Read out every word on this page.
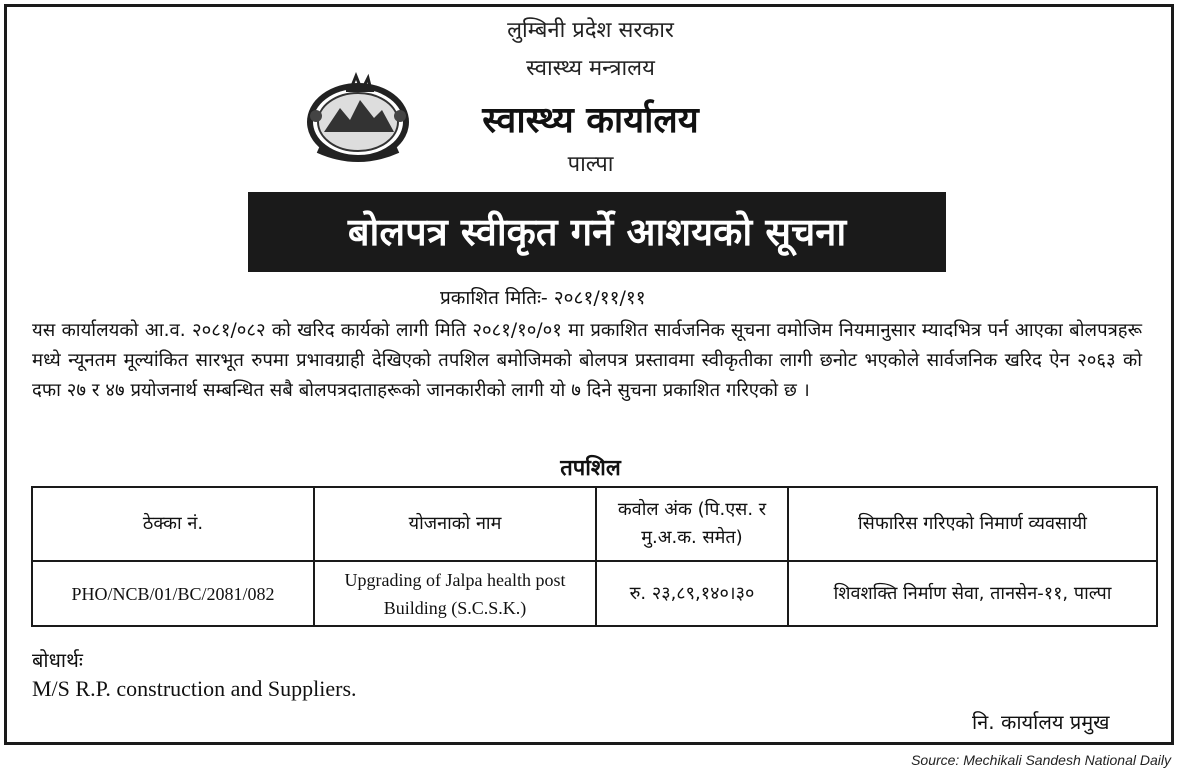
लुम्बिनी प्रदेश सरकार
स्वास्थ्य मन्त्रालय
स्वास्थ्य कार्यालय
पाल्पा
बोलपत्र स्वीकृत गर्ने आशयको सूचना
प्रकाशित मितिः- २०८१/११/११
यस कार्यालयको आ.व. २०८१/०८२ को खरिद कार्यको लागी मिति २०८१/१०/०१ मा प्रकाशित सार्वजनिक सूचना वमोजिम नियमानुसार म्यादभित्र पर्न आएका बोलपत्रहरू मध्ये न्यूनतम मूल्यांकित सारभूत रुपमा प्रभावग्राही देखिएको तपशिल बमोजिमको बोलपत्र प्रस्तावमा स्वीकृतीका लागी छनोट भएकोले सार्वजनिक खरिद ऐन २०६३ को दफा २७ र ४७ प्रयोजनार्थ सम्बन्धित सबै बोलपत्रदाताहरूको जानकारीको लागी यो ७ दिने सुचना प्रकाशित गरिएको छ ।
तपशिल
ठेक्का नं.	योजनाको नाम	कवोल अंक (पि.एस. र मु.अ.क. समेत)	सिफारिस गरिएको निमार्ण व्यवसायी
PHO/NCB/01/BC/2081/082	Upgrading of Jalpa health post Building (S.C.S.K.)	रु. २३,८९,१४०।३०	शिवशक्ति निर्माण सेवा, तानसेन-११, पाल्पा
बोधार्थः
M/S R.P. construction and Suppliers.
नि. कार्यालय प्रमुख
Source: Mechikali Sandesh National Daily
